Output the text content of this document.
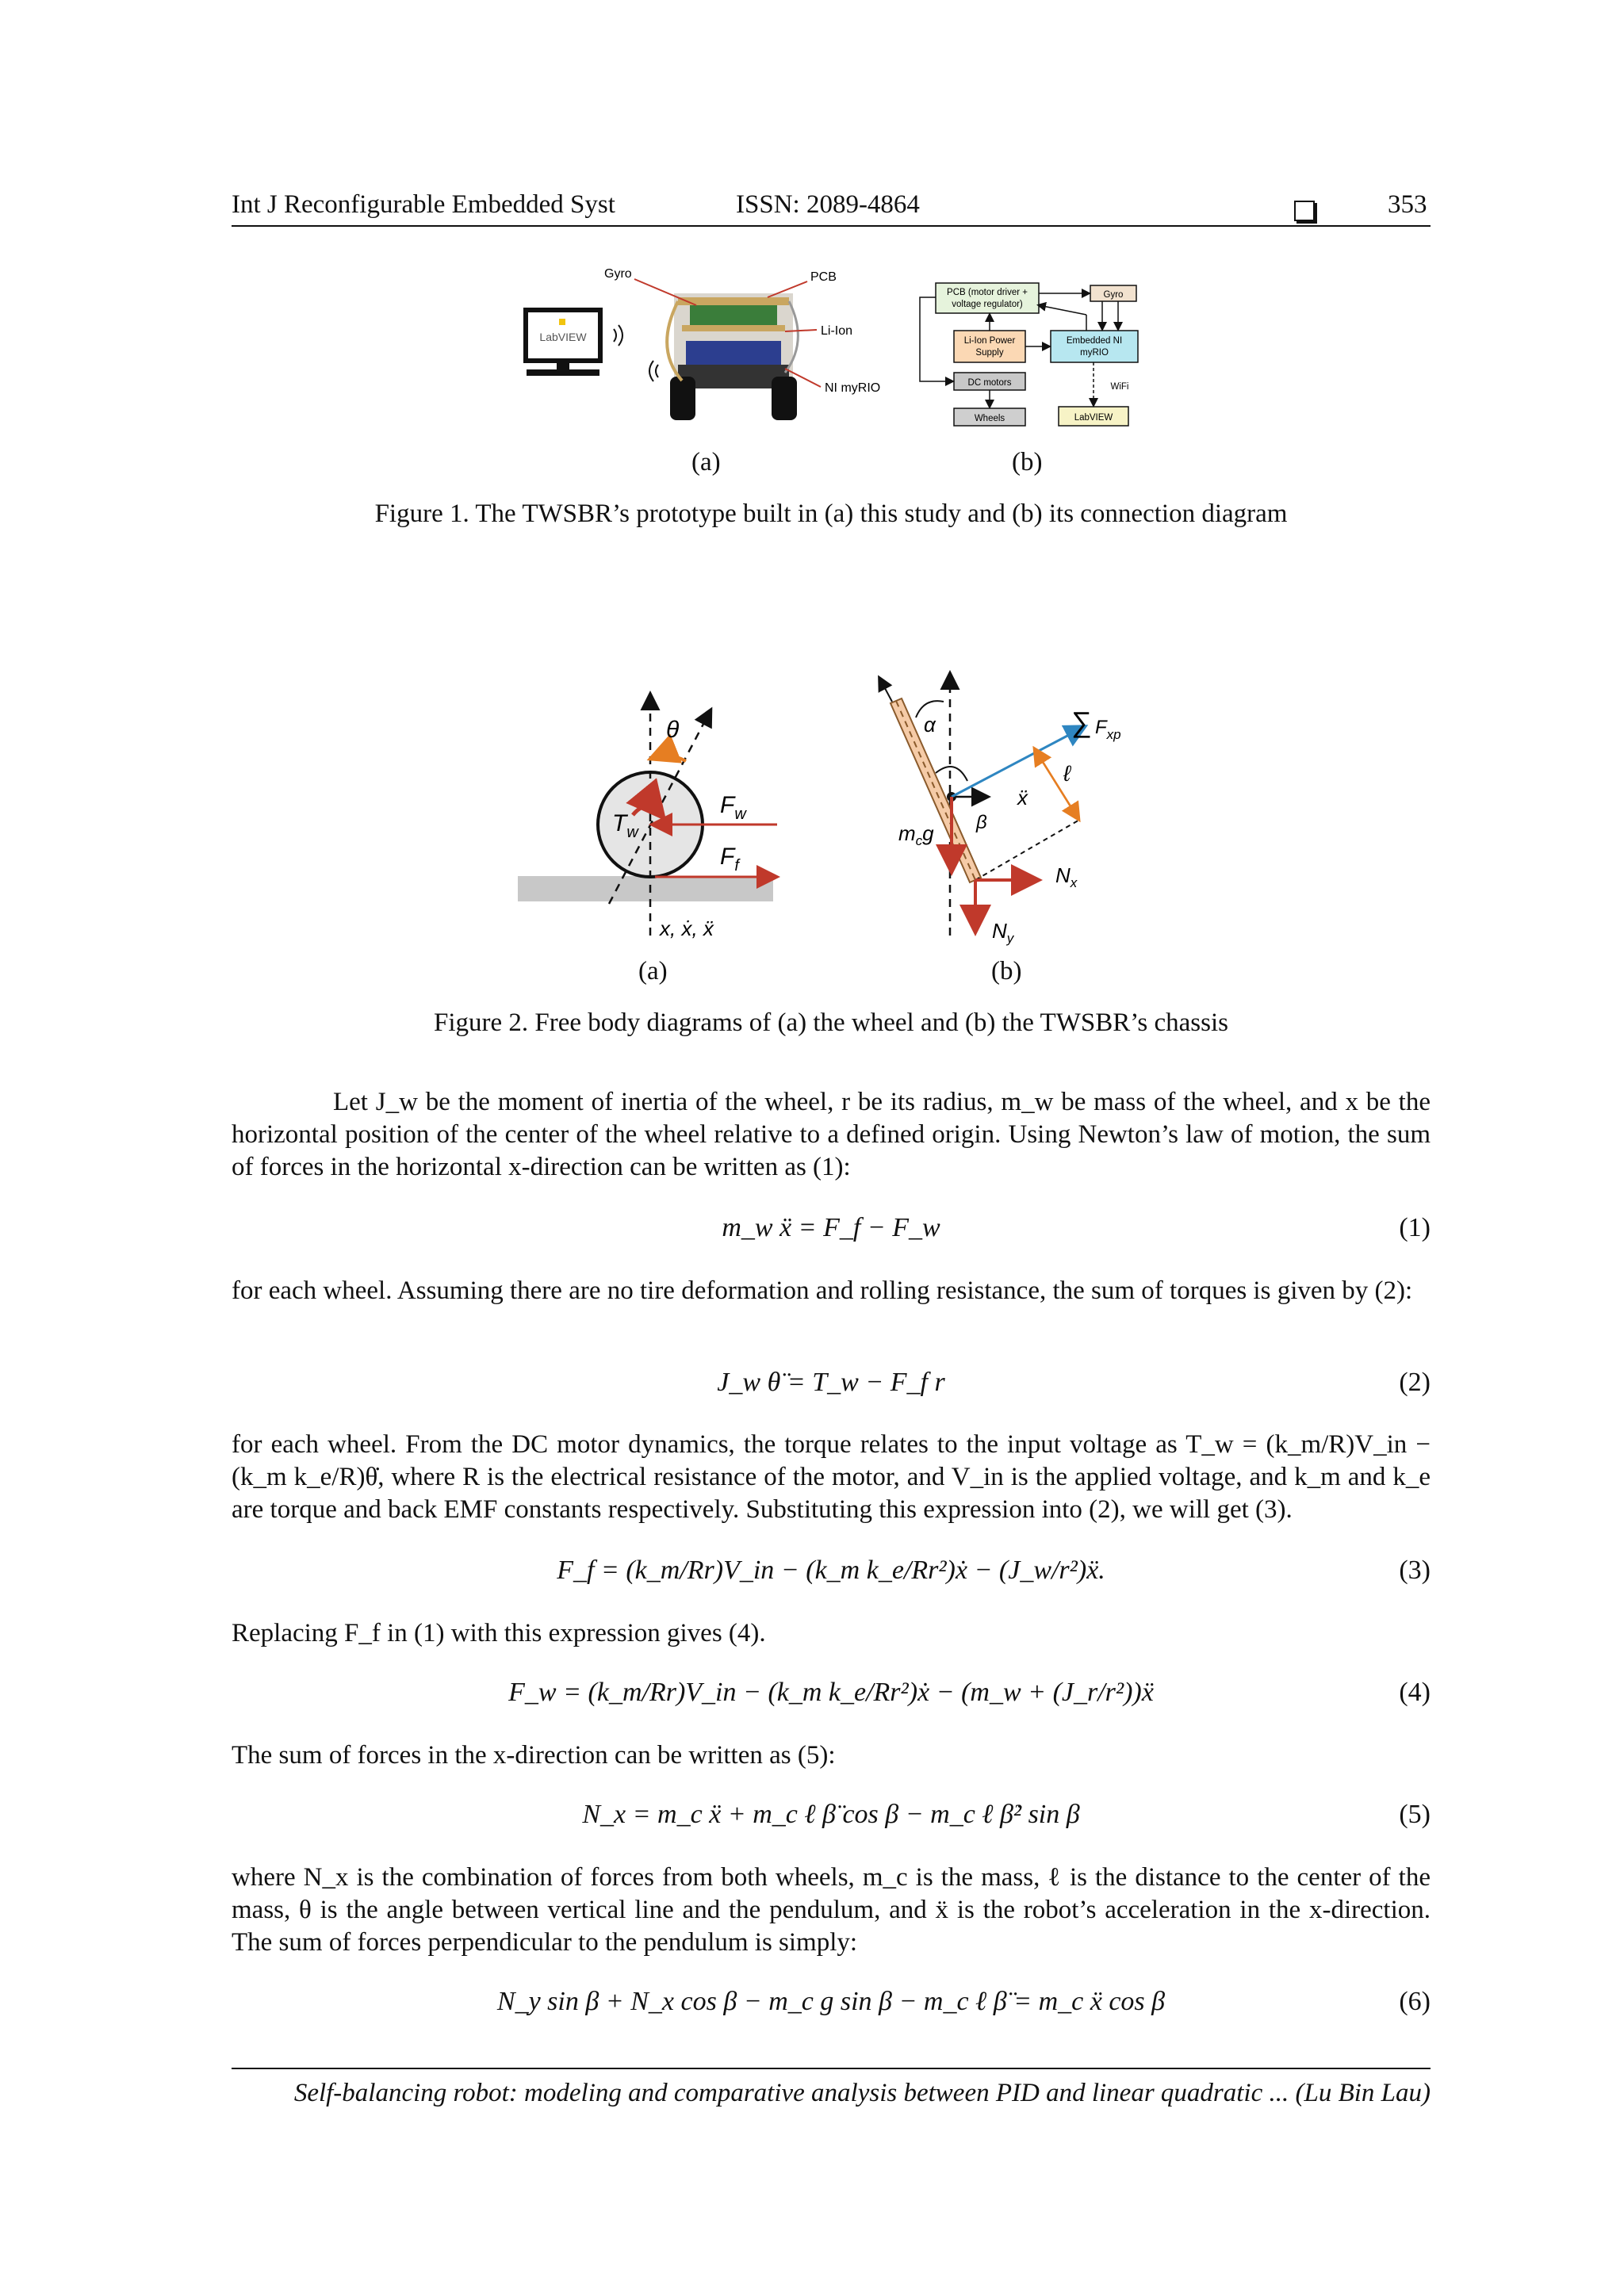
Int J Reconfigurable Embedded Syst	ISSN: 2089-4864	353
LabVIEW
Gyro	PCB
Li-Ion
NI myRIO
PCB (motor driver +
voltage regulator)
Gyro
Li-Ion Power
Supply
Embedded NI
myRIO
DC motors	WiFi
Wheels	LabVIEW
(a)	(b)
Figure 1. The TWSBR’s prototype built in (a) this study and (b) its connection diagram
θ
$T_w$
$F_w$
$F_f$
x, ẋ, ẍ
α	∑ $F_{xp}$
ℓ
ẍ
$m_cg$ β
$N_x$
$N_y$
(a)	(b)
Figure 2. Free body diagrams of (a) the wheel and (b) the TWSBR’s chassis
Let J_w be the moment of inertia of the wheel, r be its radius, m_w be mass of the wheel, and x be the horizontal position of the center of the wheel relative to a defined origin. Using Newton’s law of motion, the sum of forces in the horizontal x-direction can be written as (1):
m_w ẍ = F_f − F_w	(1)
for each wheel. Assuming there are no tire deformation and rolling resistance, the sum of torques is given by (2):
J_w θ̈ = T_w − F_f r	(2)
for each wheel. From the DC motor dynamics, the torque relates to the input voltage as T_w = (k_m/R)V_in − (k_m k_e/R)θ̇, where R is the electrical resistance of the motor, and V_in is the applied voltage, and k_m and k_e are torque and back EMF constants respectively. Substituting this expression into (2), we will get (3).
F_f = (k_m/Rr)V_in − (k_m k_e/Rr²)ẋ − (J_w/r²)ẍ.	(3)
Replacing F_f in (1) with this expression gives (4).
F_w = (k_m/Rr)V_in − (k_m k_e/Rr²)ẋ − (m_w + (J_r/r²))ẍ	(4)
The sum of forces in the x-direction can be written as (5):
N_x = m_c ẍ + m_c ℓ β̈ cos β − m_c ℓ β̇² sin β	(5)
where N_x is the combination of forces from both wheels, m_c is the mass, ℓ is the distance to the center of the mass, θ is the angle between vertical line and the pendulum, and ẍ is the robot’s acceleration in the x-direction. The sum of forces perpendicular to the pendulum is simply:
N_y sin β + N_x cos β − m_c g sin β − m_c ℓ β̈ = m_c ẍ cos β	(6)
Self-balancing robot: modeling and comparative analysis between PID and linear quadratic ... (Lu Bin Lau)
